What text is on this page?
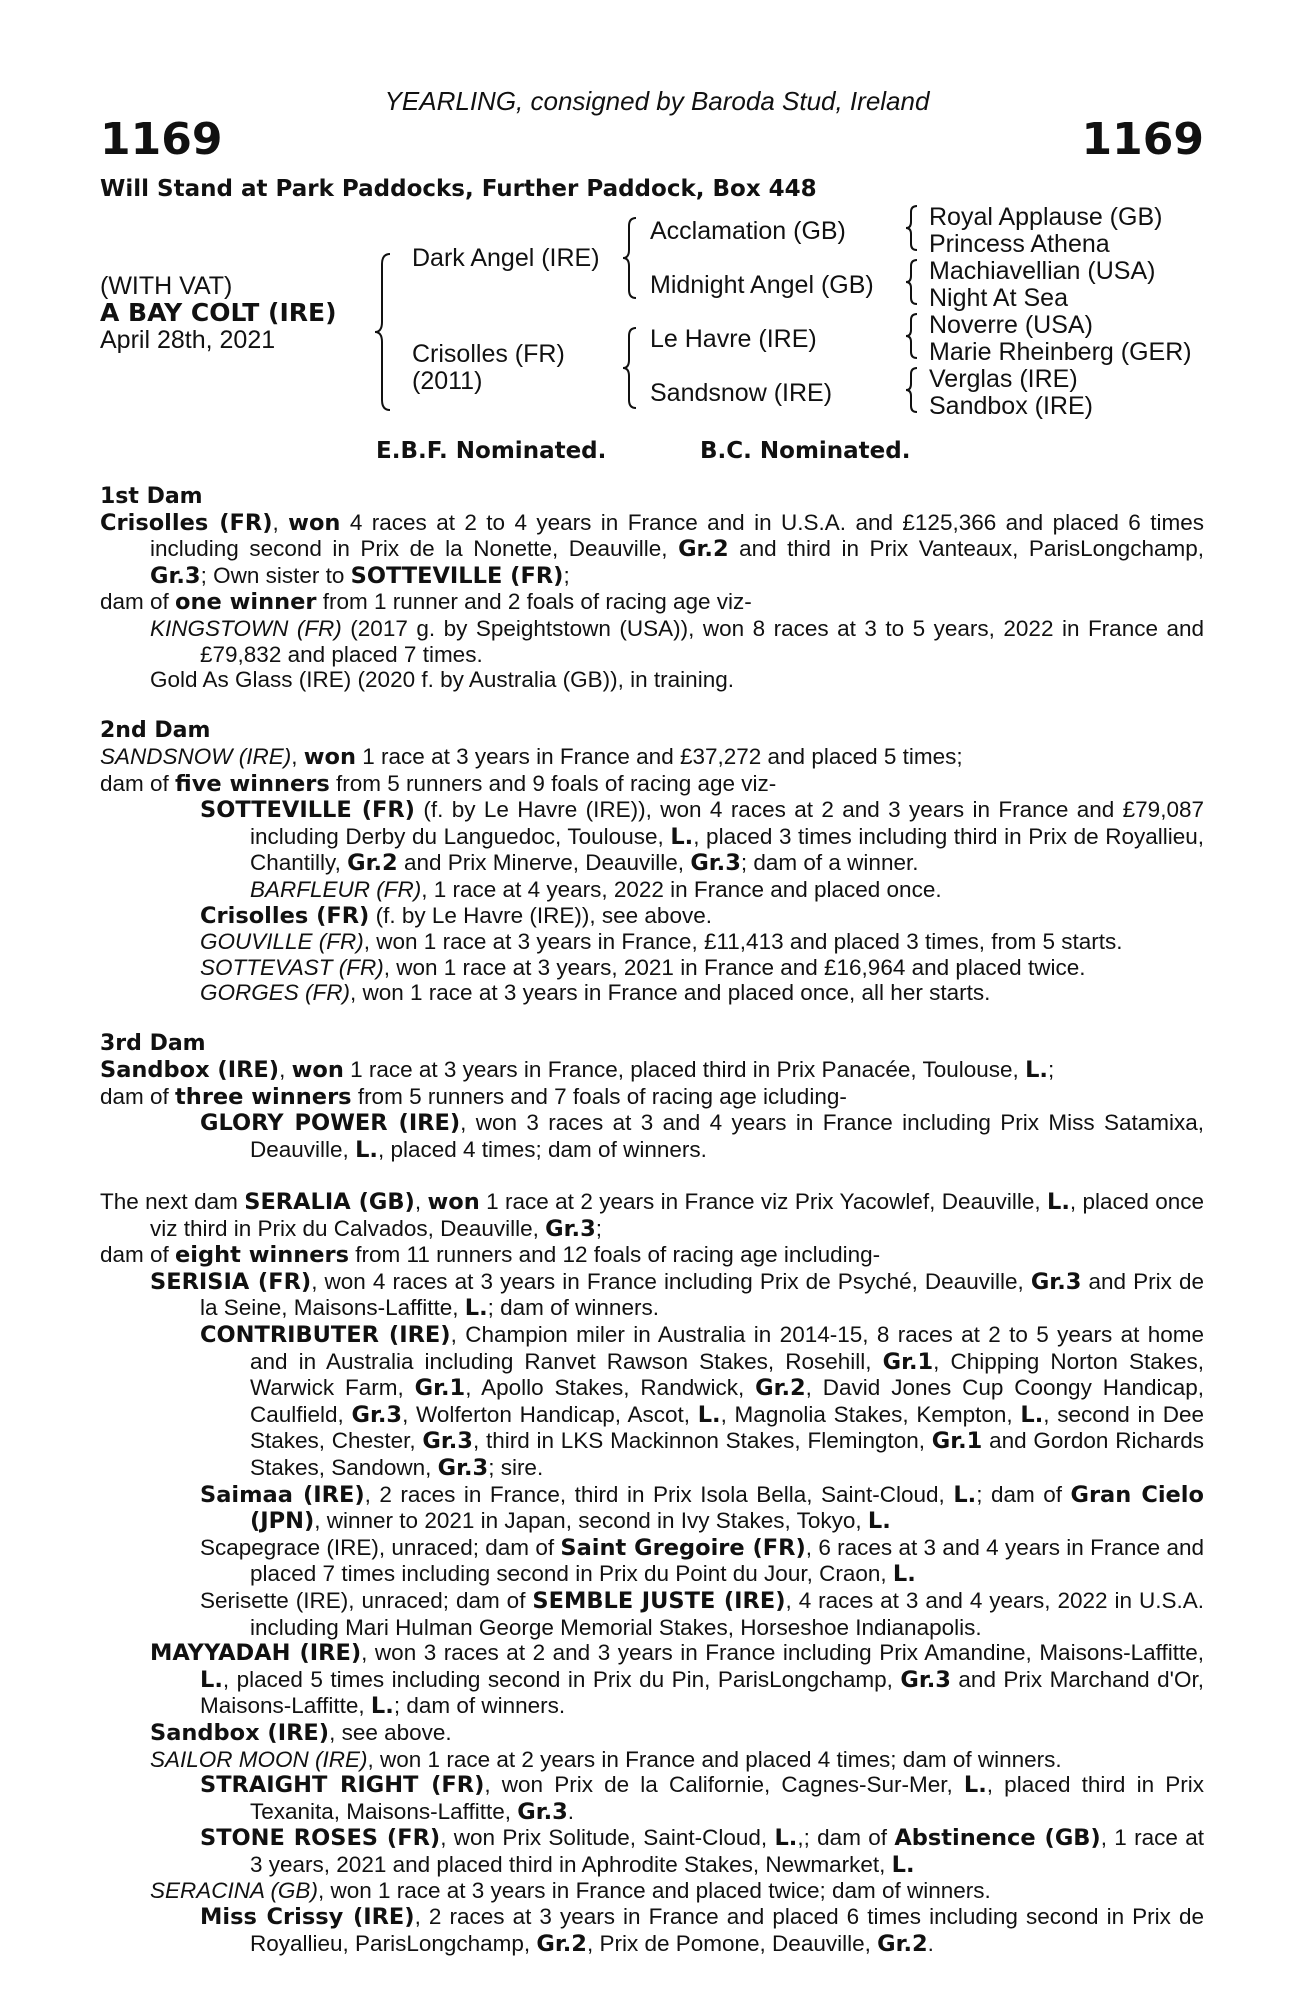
YEARLING, consigned by Baroda Stud, Ireland
1169	1169
Will Stand at Park Paddocks, Further Paddock, Box 448
(WITH VAT)
A BAY COLT (IRE)
April 28th, 2021
Dark Angel (IRE)
Crisolles (FR)
(2011)
Acclamation (GB)
Midnight Angel (GB)
Le Havre (IRE)
Sandsnow (IRE)
Royal Applause (GB)
Princess Athena
Machiavellian (USA)
Night At Sea
Noverre (USA)
Marie Rheinberg (GER)
Verglas (IRE)
Sandbox (IRE)
E.B.F. Nominated.	B.C. Nominated.

1st Dam

Crisolles (FR), won 4 races at 2 to 4 years in France and in U.S.A. and £125,366 and placed 6 times including second in Prix de la Nonette, Deauville, Gr.2 and third in Prix Vanteaux, ParisLongchamp, Gr.3; Own sister to SOTTEVILLE (FR);

dam of one winner from 1 runner and 2 foals of racing age viz-

KINGSTOWN (FR) (2017 g. by Speightstown (USA)), won 8 races at 3 to 5 years, 2022 in France and £79,832 and placed 7 times.

Gold As Glass (IRE) (2020 f. by Australia (GB)), in training.

2nd Dam

SANDSNOW (IRE), won 1 race at 3 years in France and £37,272 and placed 5 times;

dam of five winners from 5 runners and 9 foals of racing age viz-

SOTTEVILLE (FR) (f. by Le Havre (IRE)), won 4 races at 2 and 3 years in France and £79,087 including Derby du Languedoc, Toulouse, L., placed 3 times including third in Prix de Royallieu, Chantilly, Gr.2 and Prix Minerve, Deauville, Gr.3; dam of a winner.

BARFLEUR (FR), 1 race at 4 years, 2022 in France and placed once.

Crisolles (FR) (f. by Le Havre (IRE)), see above.

GOUVILLE (FR), won 1 race at 3 years in France, £11,413 and placed 3 times, from 5 starts.

SOTTEVAST (FR), won 1 race at 3 years, 2021 in France and £16,964 and placed twice.

GORGES (FR), won 1 race at 3 years in France and placed once, all her starts.

3rd Dam

Sandbox (IRE), won 1 race at 3 years in France, placed third in Prix Panacée, Toulouse, L.;

dam of three winners from 5 runners and 7 foals of racing age icluding-

GLORY POWER (IRE), won 3 races at 3 and 4 years in France including Prix Miss Satamixa, Deauville, L., placed 4 times; dam of winners.

The next dam SERALIA (GB), won 1 race at 2 years in France viz Prix Yacowlef, Deauville, L., placed once viz third in Prix du Calvados, Deauville, Gr.3;

dam of eight winners from 11 runners and 12 foals of racing age including-

SERISIA (FR), won 4 races at 3 years in France including Prix de Psyché, Deauville, Gr.3 and Prix de la Seine, Maisons-Laffitte, L.; dam of winners.

CONTRIBUTER (IRE), Champion miler in Australia in 2014-15, 8 races at 2 to 5 years at home and in Australia including Ranvet Rawson Stakes, Rosehill, Gr.1, Chipping Norton Stakes, Warwick Farm, Gr.1, Apollo Stakes, Randwick, Gr.2, David Jones Cup Coongy Handicap, Caulfield, Gr.3, Wolferton Handicap, Ascot, L., Magnolia Stakes, Kempton, L., second in Dee Stakes, Chester, Gr.3, third in LKS Mackinnon Stakes, Flemington, Gr.1 and Gordon Richards Stakes, Sandown, Gr.3; sire.

Saimaa (IRE), 2 races in France, third in Prix Isola Bella, Saint-Cloud, L.; dam of Gran Cielo (JPN), winner to 2021 in Japan, second in Ivy Stakes, Tokyo, L.

Scapegrace (IRE), unraced; dam of Saint Gregoire (FR), 6 races at 3 and 4 years in France and placed 7 times including second in Prix du Point du Jour, Craon, L.

Serisette (IRE), unraced; dam of SEMBLE JUSTE (IRE), 4 races at 3 and 4 years, 2022 in U.S.A. including Mari Hulman George Memorial Stakes, Horseshoe Indianapolis.

MAYYADAH (IRE), won 3 races at 2 and 3 years in France including Prix Amandine, Maisons-Laffitte, L., placed 5 times including second in Prix du Pin, ParisLongchamp, Gr.3 and Prix Marchand d'Or, Maisons-Laffitte, L.; dam of winners.

Sandbox (IRE), see above.

SAILOR MOON (IRE), won 1 race at 2 years in France and placed 4 times; dam of winners.

STRAIGHT RIGHT (FR), won Prix de la Californie, Cagnes-Sur-Mer, L., placed third in Prix Texanita, Maisons-Laffitte, Gr.3.

STONE ROSES (FR), won Prix Solitude, Saint-Cloud, L.,; dam of Abstinence (GB), 1 race at 3 years, 2021 and placed third in Aphrodite Stakes, Newmarket, L.

SERACINA (GB), won 1 race at 3 years in France and placed twice; dam of winners.

Miss Crissy (IRE), 2 races at 3 years in France and placed 6 times including second in Prix de Royallieu, ParisLongchamp, Gr.2, Prix de Pomone, Deauville, Gr.2.
